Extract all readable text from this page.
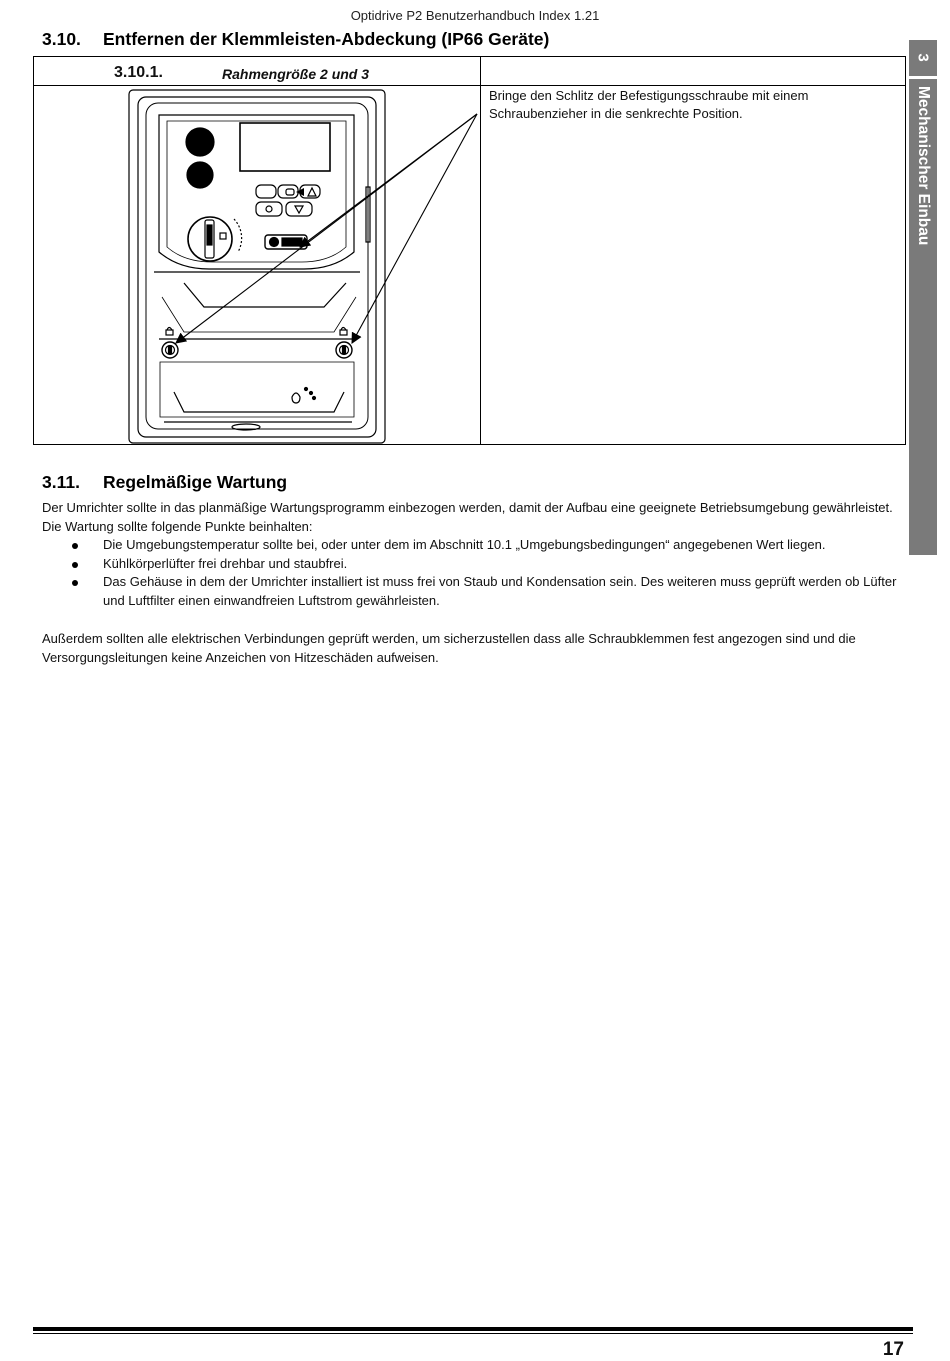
Optidrive P2 Benutzerhandbuch Index 1.21
3.10. Entfernen der Klemmleisten-Abdeckung (IP66 Geräte)
3.10.1.	Rahmengröße 2 und 3
Bringe den Schlitz der Befestigungsschraube mit einem Schraubenzieher in die senkrechte Position.
3.11. Regelmäßige Wartung
Der Umrichter sollte in das planmäßige Wartungsprogramm einbezogen werden, damit der Aufbau eine geeignete Betriebsumgebung gewährleistet. Die Wartung sollte folgende Punkte beinhalten:
Die Umgebungstemperatur sollte bei, oder unter dem im Abschnitt 10.1 „Umgebungsbedingungen“ angegebenen Wert liegen.
Kühlkörperlüfter frei drehbar und staubfrei.
Das Gehäuse in dem der Umrichter installiert ist muss frei von Staub und Kondensation sein. Des weiteren muss geprüft werden ob Lüfter und Luftfilter einen einwandfreien Luftstrom gewährleisten.
Außerdem sollten alle elektrischen Verbindungen geprüft werden, um sicherzustellen dass alle Schraubklemmen fest angezogen sind und die Versorgungsleitungen keine Anzeichen von Hitzeschäden aufweisen.
3
Mechanischer Einbau
17
